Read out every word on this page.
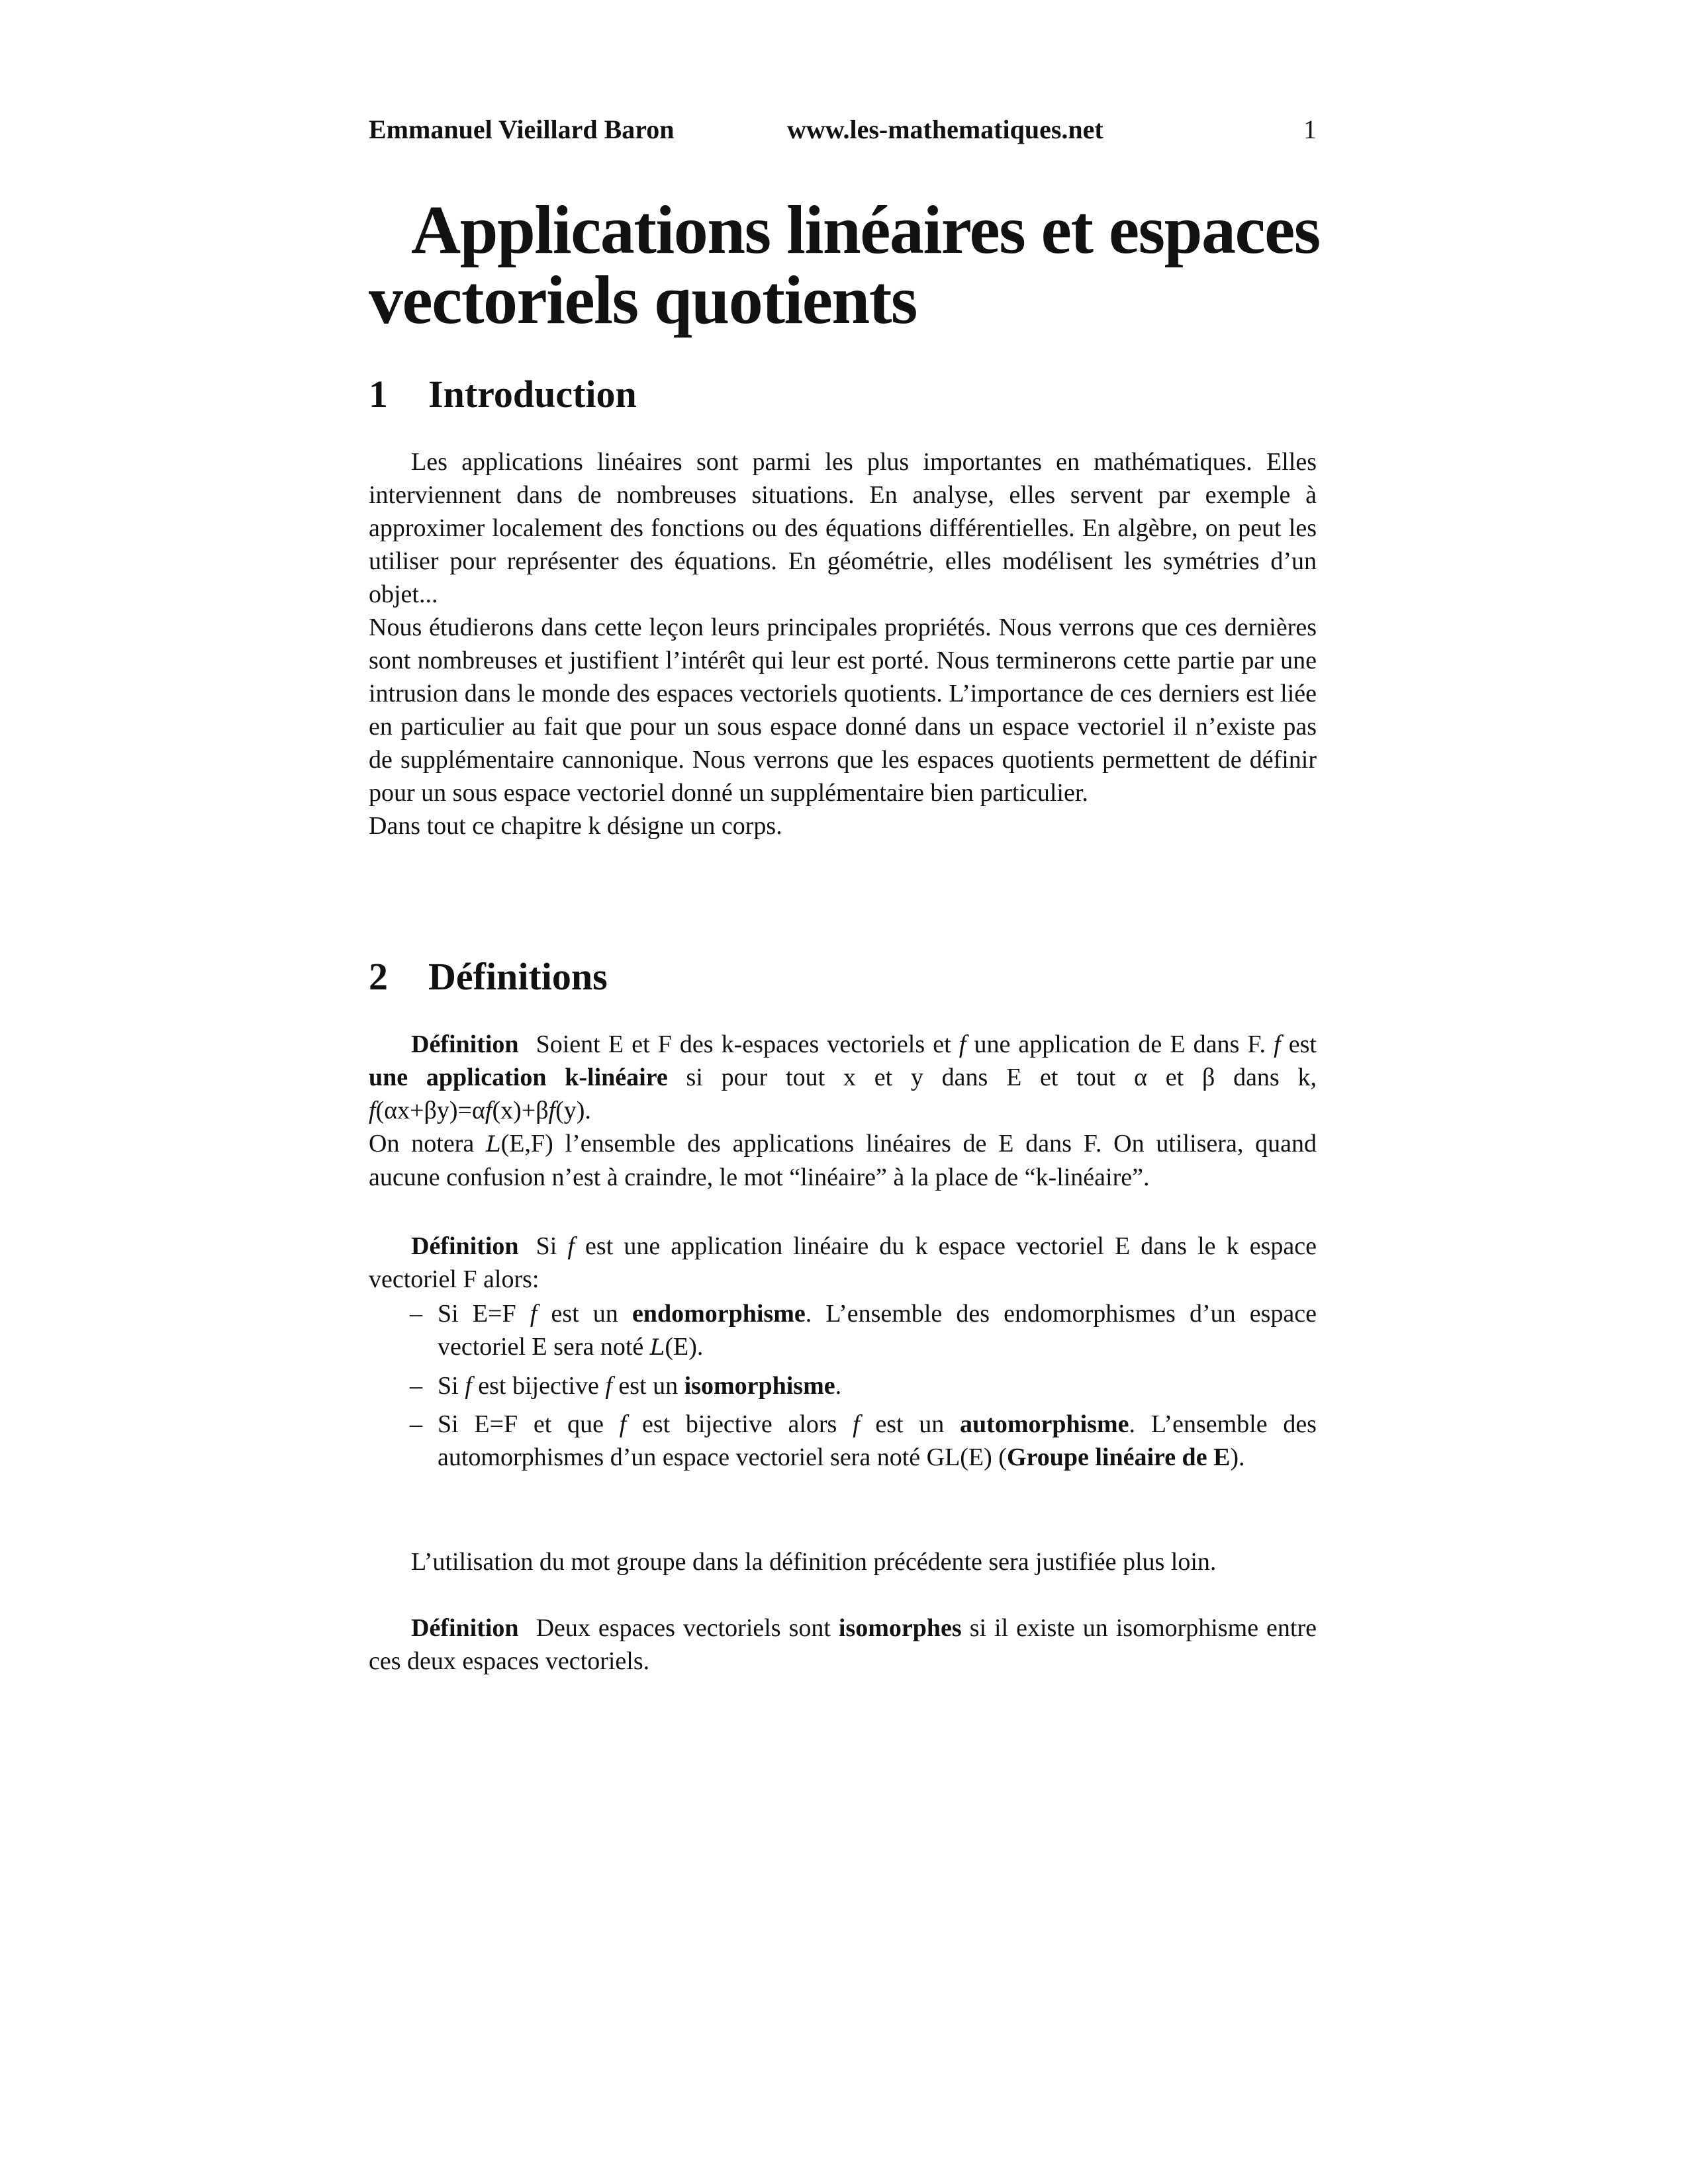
Emmanuel Vieillard Baron	www.les-mathematiques.net	1
Applications linéaires et espaces
vectoriels quotients
1 Introduction

Les applications linéaires sont parmi les plus importantes en mathématiques. Elles interviennent dans de nombreuses situations. En analyse, elles servent par exemple à approximer localement des fonctions ou des équations différentielles. En algèbre, on peut les utiliser pour représenter des équations. En géométrie, elles modélisent les symétries d’un objet...

Nous étudierons dans cette leçon leurs principales propriétés. Nous verrons que ces dernières sont nombreuses et justifient l’intérêt qui leur est porté. Nous terminerons cette partie par une intrusion dans le monde des espaces vectoriels quotients. L’importance de ces derniers est liée en particulier au fait que pour un sous espace donné dans un espace vectoriel il n’existe pas de supplémentaire cannonique. Nous verrons que les espaces quotients permettent de définir pour un sous espace vectoriel donné un supplémentaire bien particulier.

Dans tout ce chapitre k désigne un corps.

2 Définitions

Définition Soient E et F des k-espaces vectoriels et f une application de E dans F. f est une application k-linéaire si pour tout x et y dans E et tout α et β dans k, f(αx+βy)=αf(x)+βf(y).

On notera L(E,F) l’ensemble des applications linéaires de E dans F. On utilisera, quand aucune confusion n’est à craindre, le mot “linéaire” à la place de “k-linéaire”.

Définition Si f est une application linéaire du k espace vectoriel E dans le k espace vectoriel F alors:

– Si E=F f est un endomorphisme. L’ensemble des endomorphismes d’un espace vectoriel E sera noté L(E).
– Si f est bijective f est un isomorphisme.
– Si E=F et que f est bijective alors f est un automorphisme. L’ensemble des automorphismes d’un espace vectoriel sera noté GL(E) (Groupe linéaire de E).

L’utilisation du mot groupe dans la définition précédente sera justifiée plus loin.

Définition Deux espaces vectoriels sont isomorphes si il existe un isomorphisme entre ces deux espaces vectoriels.
